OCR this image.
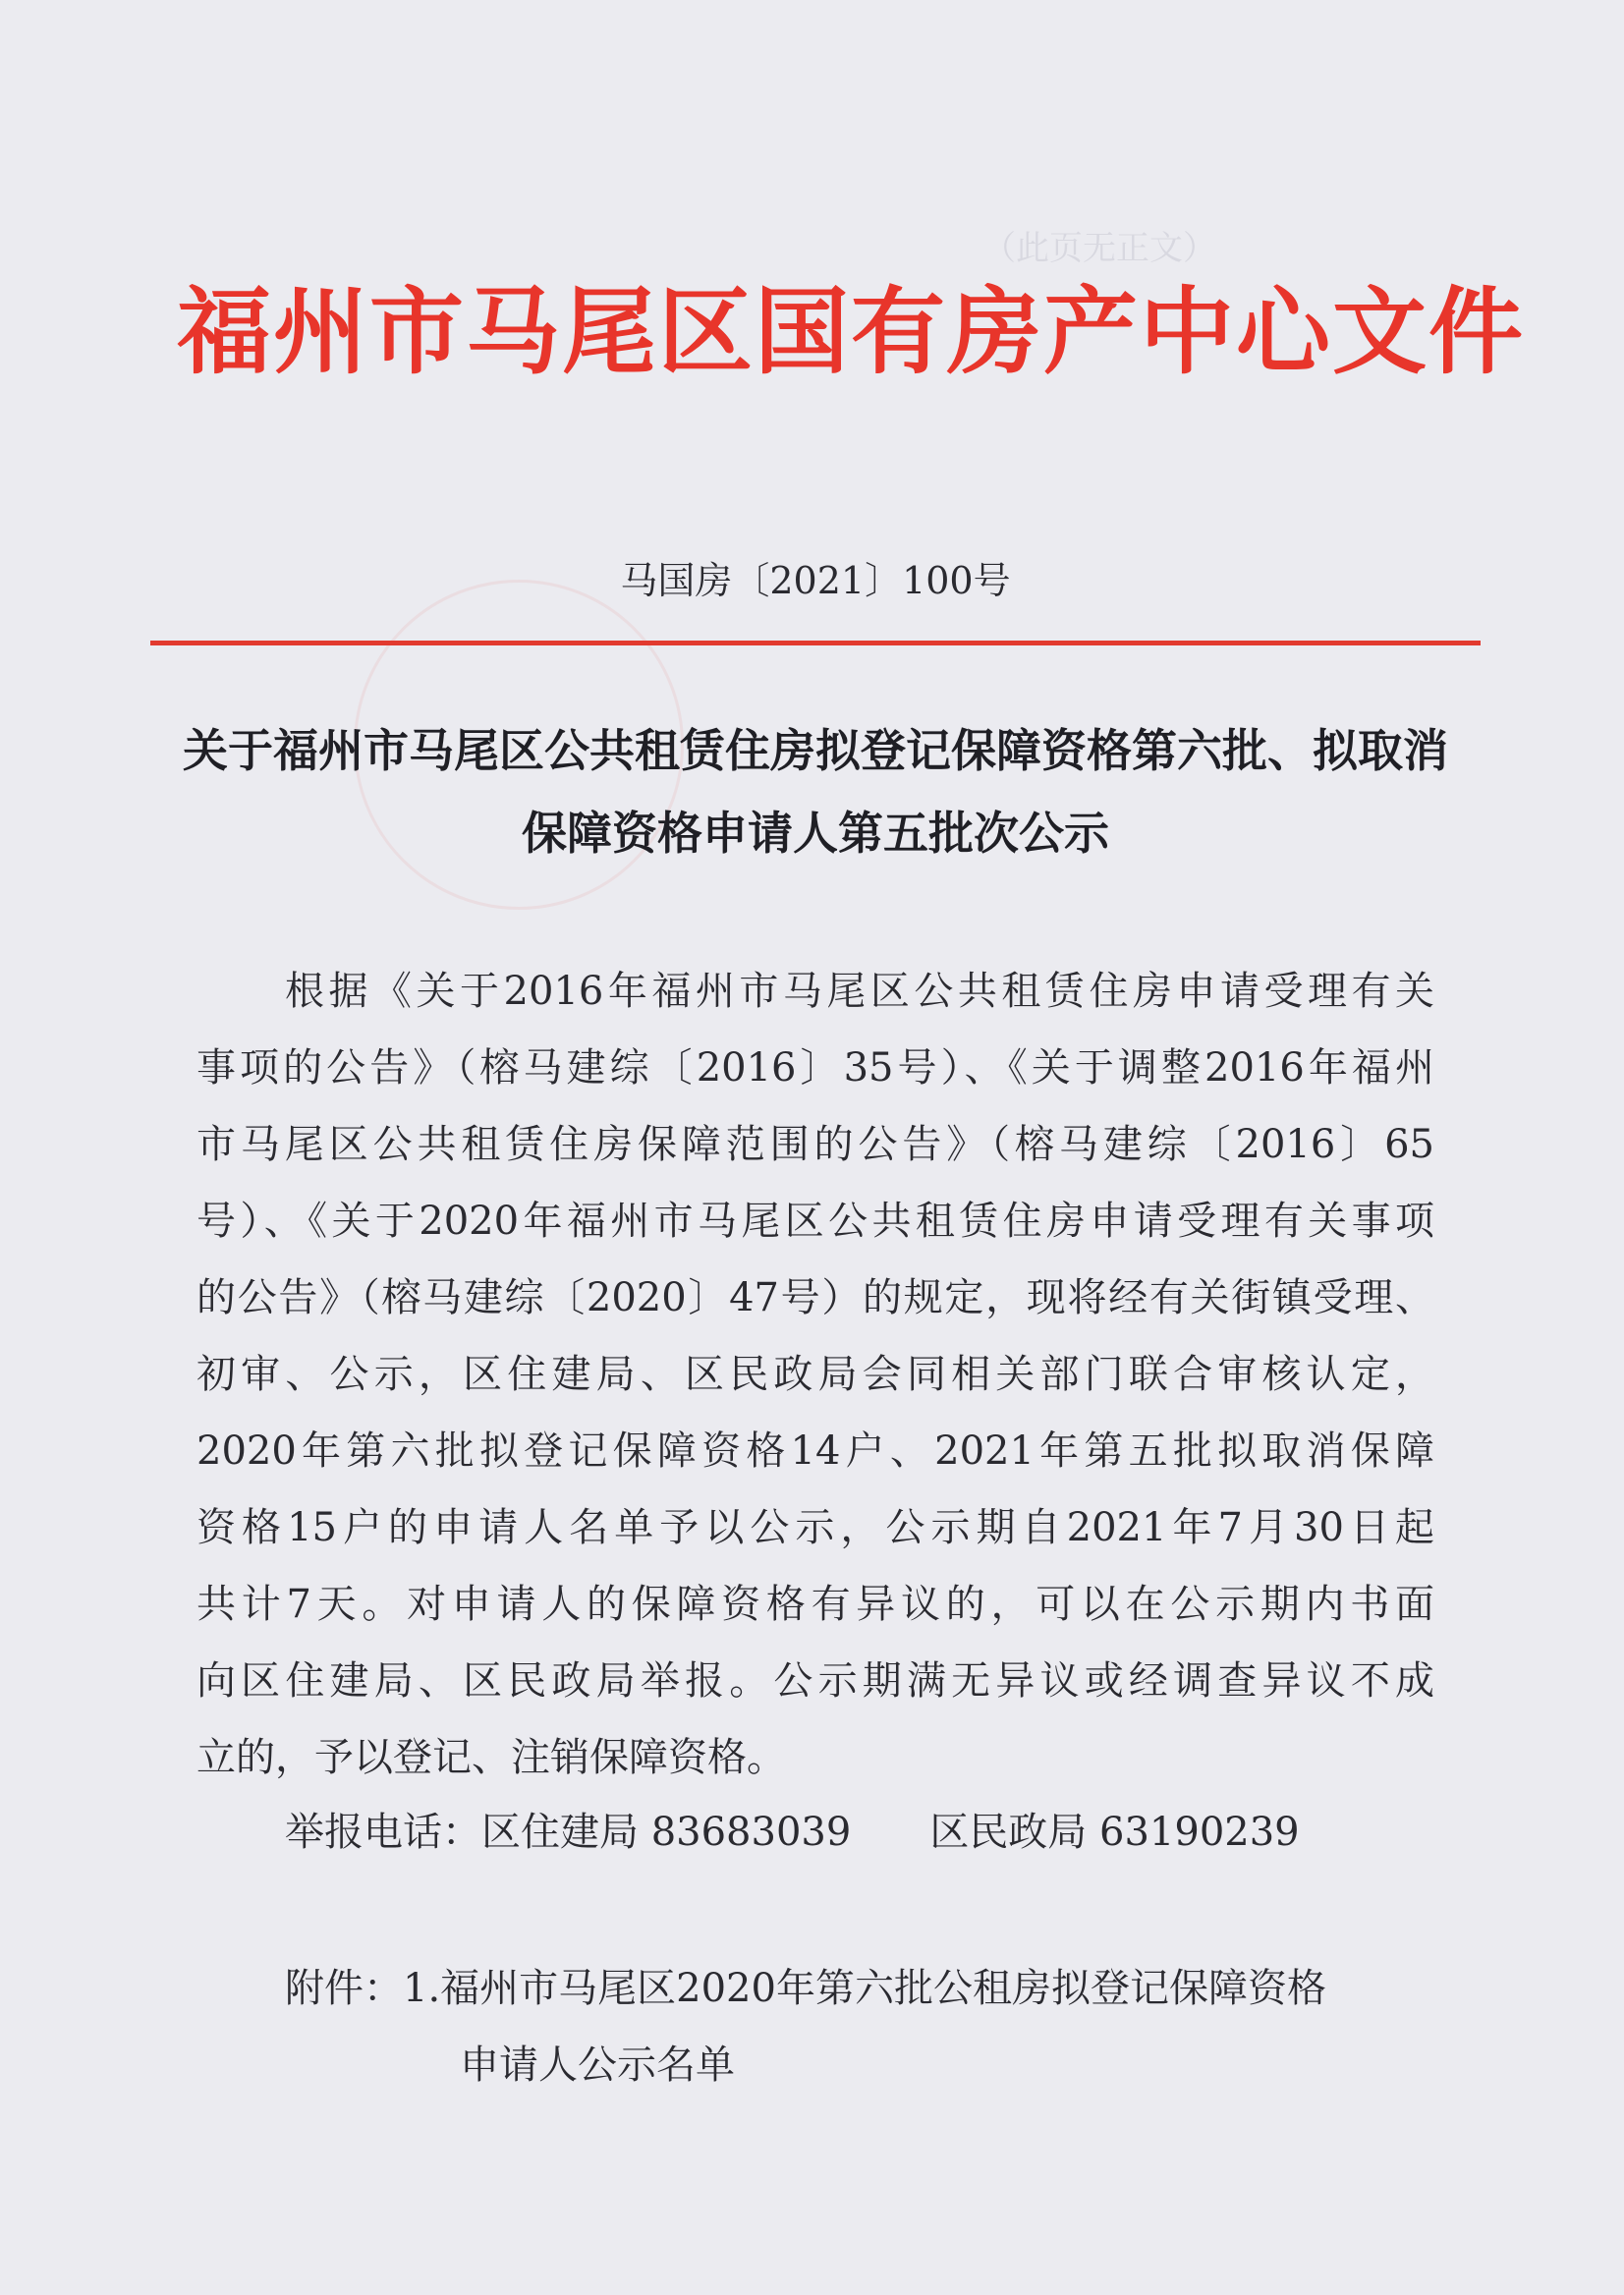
（此页无正文）
福州市马尾区国有房产中心文件
马国房〔2021〕100号
关于福州市马尾区公共租赁住房拟登记保障资格第六批、拟取消
保障资格申请人第五批次公示
根据《关于2016年福州市马尾区公共租赁住房申请受理有关
事项的公告》（榕马建综〔2016〕35号）、《关于调整2016年福州
市马尾区公共租赁住房保障范围的公告》（榕马建综〔2016〕65
号）、《关于2020年福州市马尾区公共租赁住房申请受理有关事项
的公告》（榕马建综〔2020〕47号）的规定，现将经有关街镇受理、
初审、公示，区住建局、区民政局会同相关部门联合审核认定，
2020年第六批拟登记保障资格14户、2021年第五批拟取消保障
资格15户的申请人名单予以公示，公示期自2021年7月30日起
共计7天。对申请人的保障资格有异议的，可以在公示期内书面
向区住建局、区民政局举报。公示期满无异议或经调查异议不成
立的，予以登记、注销保障资格。
举报电话：区住建局 83683039 区民政局 63190239
附件：1.福州市马尾区2020年第六批公租房拟登记保障资格
申请人公示名单
